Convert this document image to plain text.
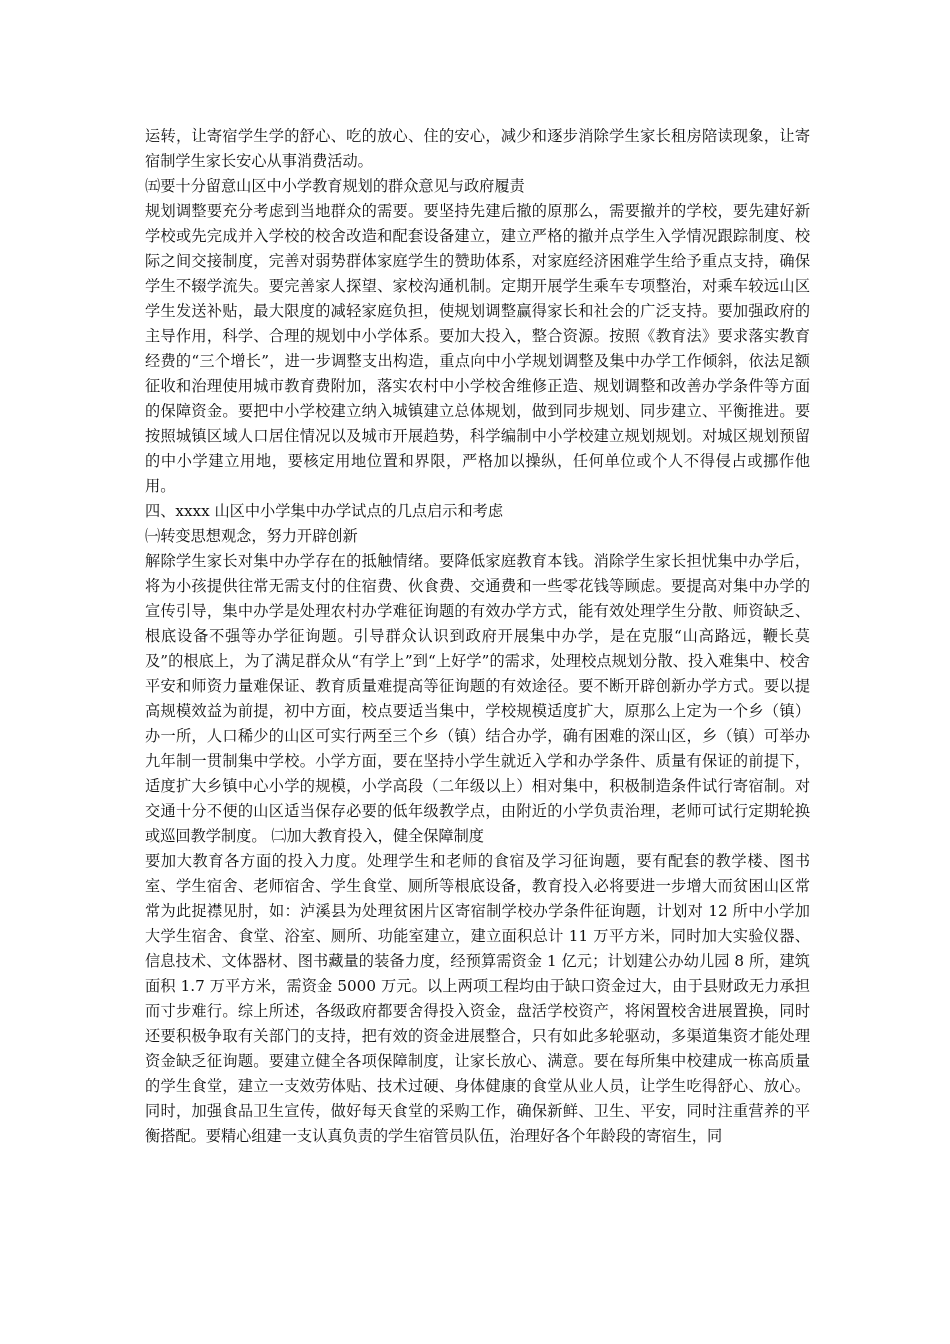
运转，让寄宿学生学的舒心、吃的放心、住的安心，减少和逐步消除学生家长租房陪读现象，让寄宿制学生家长安心从事消费活动。

㈤要十分留意山区中小学教育规划的群众意见与政府履责

规划调整要充分考虑到当地群众的需要。要坚持先建后撤的原那么，需要撤并的学校，要先建好新学校或先完成并入学校的校舍改造和配套设备建立，建立严格的撤并点学生入学情况跟踪制度、校际之间交接制度，完善对弱势群体家庭学生的赞助体系，对家庭经济困难学生给予重点支持，确保学生不辍学流失。要完善家人探望、家校沟通机制。定期开展学生乘车专项整治，对乘车较远山区学生发送补贴，最大限度的减轻家庭负担，使规划调整赢得家长和社会的广泛支持。要加强政府的主导作用，科学、合理的规划中小学体系。要加大投入，整合资源。按照《教育法》要求落实教育经费的“三个增长”，进一步调整支出构造，重点向中小学规划调整及集中办学工作倾斜，依法足额征收和治理使用城市教育费附加，落实农村中小学校舍维修正造、规划调整和改善办学条件等方面的保障资金。要把中小学校建立纳入城镇建立总体规划，做到同步规划、同步建立、平衡推进。要按照城镇区域人口居住情况以及城市开展趋势，科学编制中小学校建立规划规划。对城区规划预留的中小学建立用地，要核定用地位置和界限，严格加以操纵，任何单位或个人不得侵占或挪作他用。

四、xxxx 山区中小学集中办学试点的几点启示和考虑

㈠转变思想观念，努力开辟创新

解除学生家长对集中办学存在的抵触情绪。要降低家庭教育本钱。消除学生家长担忧集中办学后，将为小孩提供往常无需支付的住宿费、伙食费、交通费和一些零花钱等顾虑。要提高对集中办学的宣传引导，集中办学是处理农村办学难征询题的有效办学方式，能有效处理学生分散、师资缺乏、根底设备不强等办学征询题。引导群众认识到政府开展集中办学，是在克服“山高路远，鞭长莫及”的根底上，为了满足群众从“有学上”到“上好学”的需求，处理校点规划分散、投入难集中、校舍平安和师资力量难保证、教育质量难提高等征询题的有效途径。要不断开辟创新办学方式。要以提高规模效益为前提，初中方面，校点要适当集中，学校规模适度扩大，原那么上定为一个乡（镇）办一所，人口稀少的山区可实行两至三个乡（镇）结合办学，确有困难的深山区，乡（镇）可举办九年制一贯制集中学校。小学方面，要在坚持小学生就近入学和办学条件、质量有保证的前提下，适度扩大乡镇中心小学的规模，小学高段（二年级以上）相对集中，积极制造条件试行寄宿制。对交通十分不便的山区适当保存必要的低年级教学点，由附近的小学负责治理，老师可试行定期轮换或巡回教学制度。 ㈡加大教育投入，健全保障制度

要加大教育各方面的投入力度。处理学生和老师的食宿及学习征询题，要有配套的教学楼、图书室、学生宿舍、老师宿舍、学生食堂、厕所等根底设备，教育投入必将要进一步增大而贫困山区常常为此捉襟见肘，如：泸溪县为处理贫困片区寄宿制学校办学条件征询题，计划对 12 所中小学加大学生宿舍、食堂、浴室、厕所、功能室建立，建立面积总计 11 万平方米，同时加大实验仪器、信息技术、文体器材、图书藏量的装备力度，经预算需资金 1 亿元；计划建公办幼儿园 8 所，建筑面积 1.7 万平方米，需资金 5000 万元。以上两项工程均由于缺口资金过大，由于县财政无力承担而寸步难行。综上所述，各级政府都要舍得投入资金，盘活学校资产，将闲置校舍进展置换，同时还要积极争取有关部门的支持，把有效的资金进展整合，只有如此多轮驱动，多渠道集资才能处理资金缺乏征询题。要建立健全各项保障制度，让家长放心、满意。要在每所集中校建成一栋高质量的学生食堂，建立一支效劳体贴、技术过硬、身体健康的食堂从业人员，让学生吃得舒心、放心。同时，加强食品卫生宣传，做好每天食堂的采购工作，确保新鲜、卫生、平安，同时注重营养的平衡搭配。要精心组建一支认真负责的学生宿管员队伍，治理好各个年龄段的寄宿生，同
